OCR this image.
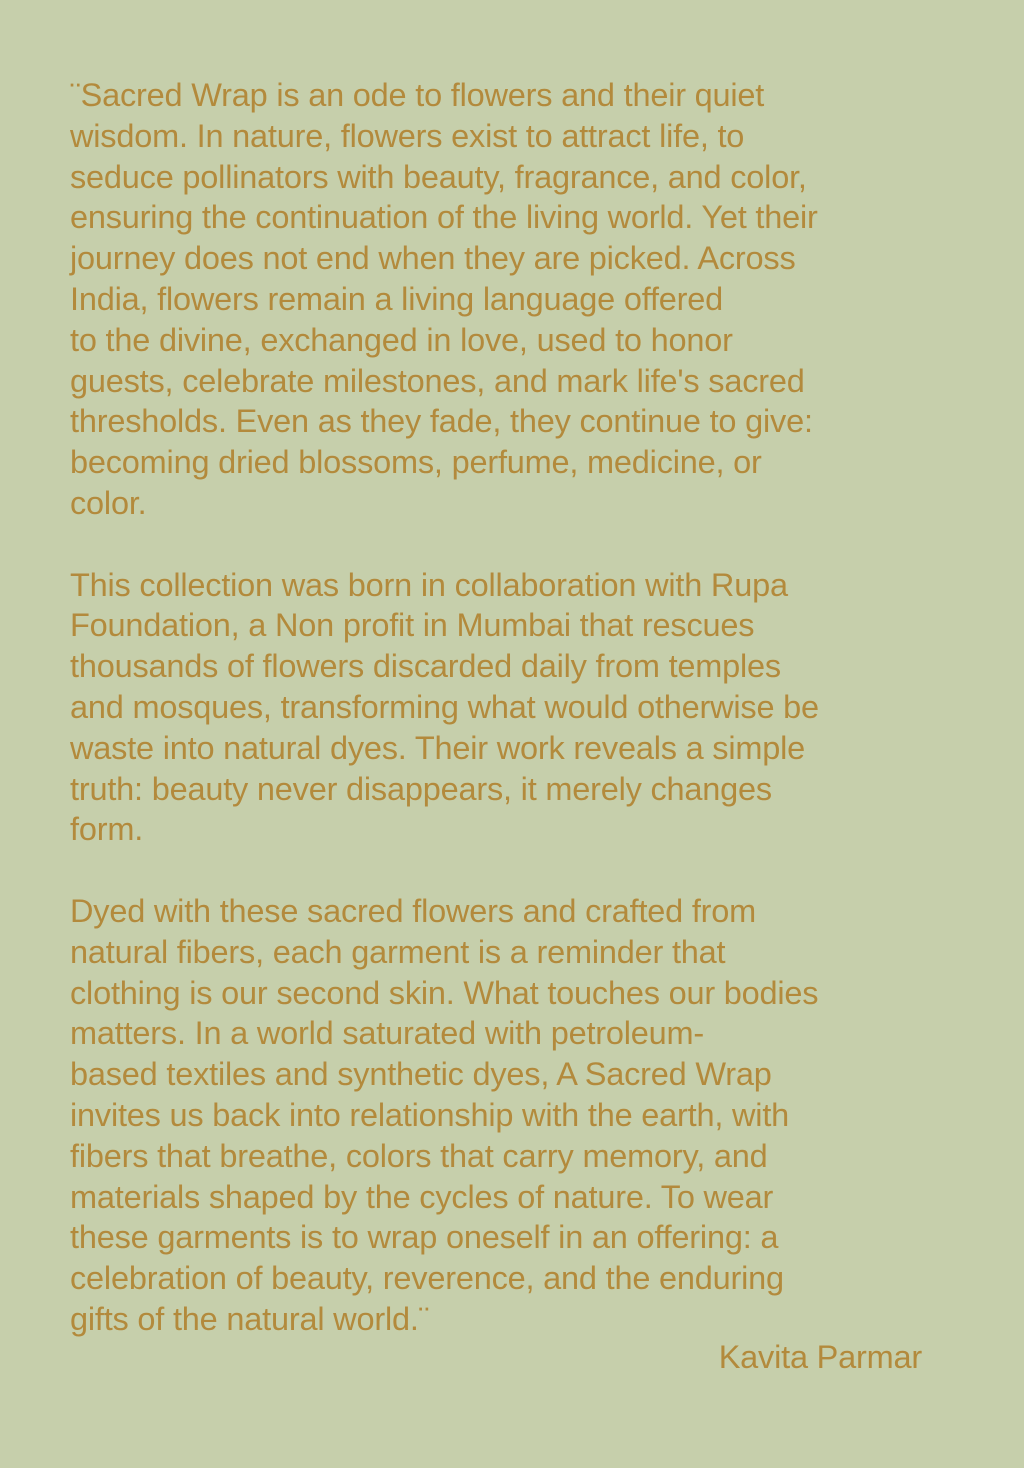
¨Sacred Wrap is an ode to flowers and their quiet
wisdom. In nature, flowers exist to attract life, to
seduce pollinators with beauty, fragrance, and color,
ensuring the continuation of the living world. Yet their
journey does not end when they are picked. Across
India, flowers remain a living language offered
to the divine, exchanged in love, used to honor
guests, celebrate milestones, and mark life's sacred
thresholds. Even as they fade, they continue to give:
becoming dried blossoms, perfume, medicine, or
color.

This collection was born in collaboration with Rupa
Foundation, a Non profit in Mumbai that rescues
thousands of flowers discarded daily from temples
and mosques, transforming what would otherwise be
waste into natural dyes. Their work reveals a simple
truth: beauty never disappears, it merely changes
form.

Dyed with these sacred flowers and crafted from
natural fibers, each garment is a reminder that
clothing is our second skin. What touches our bodies
matters. In a world saturated with petroleum-
based textiles and synthetic dyes, A Sacred Wrap
invites us back into relationship with the earth, with
fibers that breathe, colors that carry memory, and
materials shaped by the cycles of nature. To wear
these garments is to wrap oneself in an offering: a
celebration of beauty, reverence, and the enduring
gifts of the natural world.¨

Kavita Parmar
